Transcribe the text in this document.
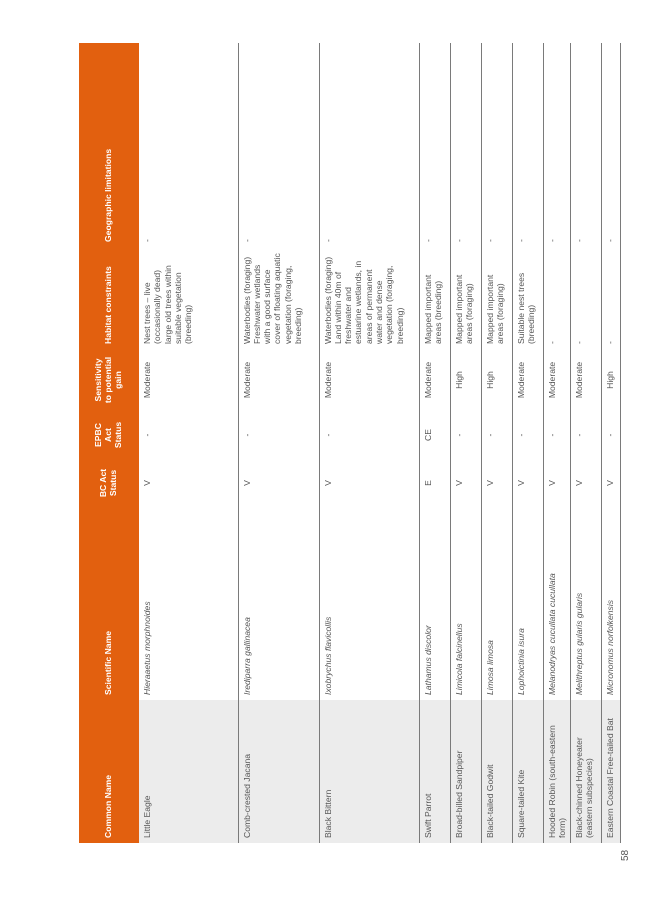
Common Name	Scientific Name	BC Act Status	EPBC Act Status	Sensitivity to potential gain	Habitat constraints	Geographic limitations
Little Eagle	Hieraaetus morphnoides	V	-	Moderate	Nest trees – live (occasionally dead) large old trees within suitable vegetation (breeding)	-
Comb-crested Jacana	Irediparra gallinacea	V	-	Moderate	Waterbodies (foraging) Freshwater wetlands with a good surface cover of floating aquatic vegetation (foraging, breeding)	-
Black Bittern	Ixobrychus flavicollis	V	-	Moderate	Waterbodies (foraging) Land within 40m of freshwater and estuarine wetlands, in areas of permanent water and dense vegetation (foraging, breeding)	-
Swift Parrot	Lathamus discolor	E	CE	Moderate	Mapped important areas (breeding)	-
Broad-billed Sandpiper	Limicola falcinellus	V	-	High	Mapped important areas (foraging)	-
Black-tailed Godwit	Limosa limosa	V	-	High	Mapped important areas (foraging)	-
Square-tailed Kite	Lophoictinia isura	V	-	Moderate	Suitable nest trees (breeding)	-
Hooded Robin (south-eastern form)	Melanodryas cucullata cucullata	V	-	Moderate	-	-
Black-chinned Honeyeater (eastern subspecies)	Melithreptus gularis gularis	V	-	Moderate	-	-
Eastern Coastal Free-tailed Bat	Micronomus norfolkensis	V	-	High	-	-
58
